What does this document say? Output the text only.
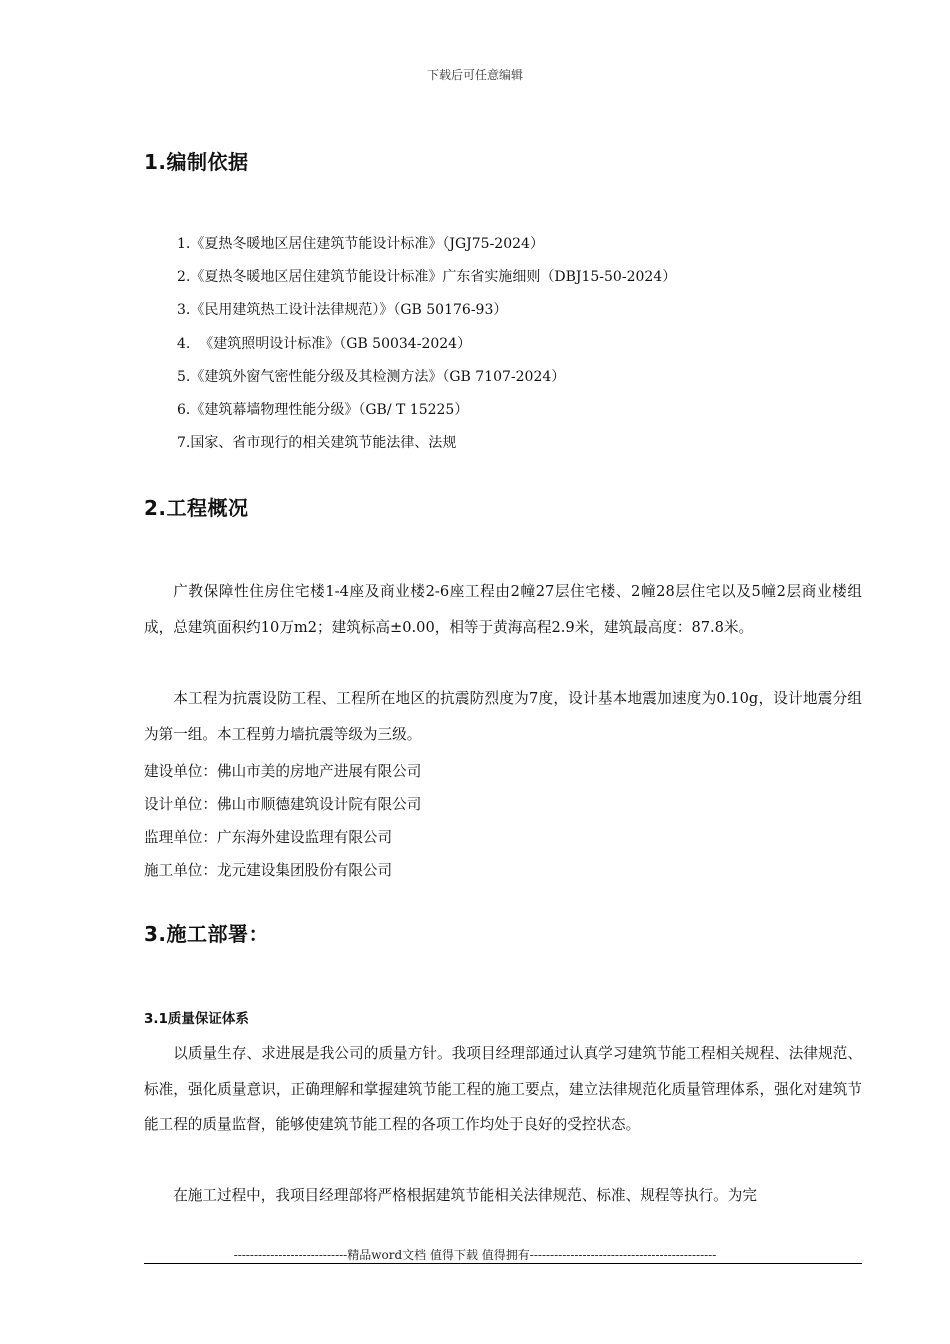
下载后可任意编辑
1.编制依据
1.《夏热冬暖地区居住建筑节能设计标准》（JGJ75-2024）
2.《夏热冬暖地区居住建筑节能设计标准》广东省实施细则（DBJ15-50-2024）
3.《民用建筑热工设计法律规范）》（GB 50176-93）
4.  《建筑照明设计标准》（GB 50034-2024）
5.《建筑外窗气密性能分级及其检测方法》（GB 7107-2024）
6.《建筑幕墙物理性能分级》（GB/ T 15225）
7.国家、省市现行的相关建筑节能法律、法规
2.工程概况

广教保障性住房住宅楼1-4座及商业楼2-6座工程由2幢27层住宅楼、2幢28层住宅以及5幢2层商业楼组成，总建筑面积约10万m2；建筑标高±0.00，相等于黄海高程2.9米，建筑最高度：87.8米。

本工程为抗震设防工程、工程所在地区的抗震防烈度为7度，设计基本地震加速度为0.10g，设计地震分组为第一组。本工程剪力墙抗震等级为三级。

建设单位：佛山市美的房地产进展有限公司
设计单位：佛山市顺德建筑设计院有限公司
监理单位：广东海外建设监理有限公司
施工单位：龙元建设集团股份有限公司
3.施工部署：
3.1质量保证体系

以质量生存、求进展是我公司的质量方针。我项目经理部通过认真学习建筑节能工程相关规程、法律规范、标准，强化质量意识，正确理解和掌握建筑节能工程的施工要点，建立法律规范化质量管理体系，强化对建筑节能工程的质量监督，能够使建筑节能工程的各项工作均处于良好的受控状态。

在施工过程中，我项目经理部将严格根据建筑节能相关法律规范、标准、规程等执行。为完

----------------------------精品word文档 值得下载 值得拥有----------------------------------------------
